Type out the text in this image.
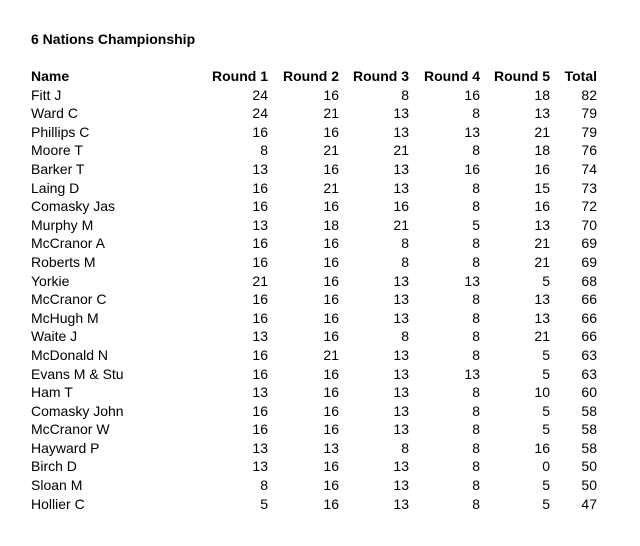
6 Nations Championship
Name	Round 1	Round 2	Round 3	Round 4	Round 5	Total
Fitt J	24	16	8	16	18	82
Ward C	24	21	13	8	13	79
Phillips C	16	16	13	13	21	79
Moore T	8	21	21	8	18	76
Barker T	13	16	13	16	16	74
Laing D	16	21	13	8	15	73
Comasky Jas	16	16	16	8	16	72
Murphy M	13	18	21	5	13	70
McCranor A	16	16	8	8	21	69
Roberts M	16	16	8	8	21	69
Yorkie	21	16	13	13	5	68
McCranor C	16	16	13	8	13	66
McHugh M	16	16	13	8	13	66
Waite J	13	16	8	8	21	66
McDonald N	16	21	13	8	5	63
Evans M & Stu	16	16	13	13	5	63
Ham T	13	16	13	8	10	60
Comasky John	16	16	13	8	5	58
McCranor W	16	16	13	8	5	58
Hayward P	13	13	8	8	16	58
Birch D	13	16	13	8	0	50
Sloan M	8	16	13	8	5	50
Hollier C	5	16	13	8	5	47
